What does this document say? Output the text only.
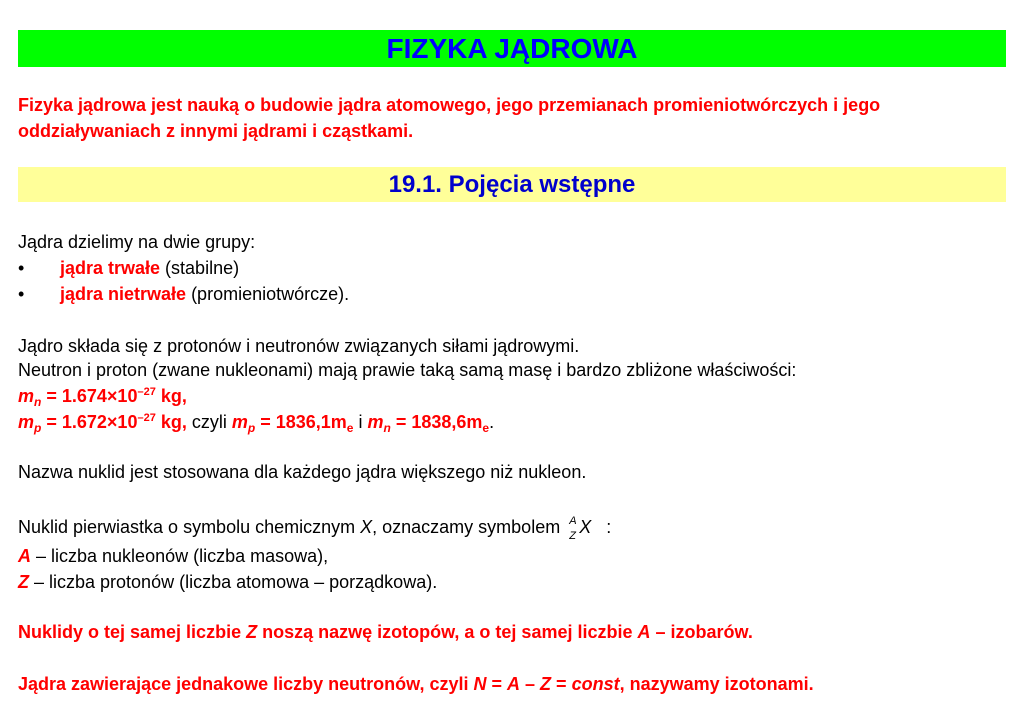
FIZYKA JĄDROWA
Fizyka jądrowa jest nauką o budowie jądra atomowego, jego przemianach promieniotwórczych i jego oddziaływaniach z innymi jądrami i cząstkami.
19.1. Pojęcia wstępne
Jądra dzielimy na dwie grupy:
• jądra trwałe (stabilne)
• jądra nietrwałe (promieniotwórcze).
Jądro składa się z protonów i neutronów związanych siłami jądrowymi.
Neutron i proton (zwane nukleonami) mają prawie taką samą masę i bardzo zbliżone właściwości:
$m_n = 1.674\times 10^{-27}$ kg,
$m_p = 1.672\times 10^{-27}$ kg, czyli $m_p = 1836,1m_e$ i $m_n = 1838,6m_e$.
Nazwa nuklid jest stosowana dla każdego jądra większego niż nukleon.
Nuklid pierwiastka o symbolu chemicznym X, oznaczamy symbolem A
Z X :
A – liczba nukleonów (liczba masowa),
Z – liczba protonów (liczba atomowa – porządkowa).
Nuklidy o tej samej liczbie Z noszą nazwę izotopów, a o tej samej liczbie A – izobarów.
Jądra zawierające jednakowe liczby neutronów, czyli N = A – Z = const, nazywamy izotonami.
